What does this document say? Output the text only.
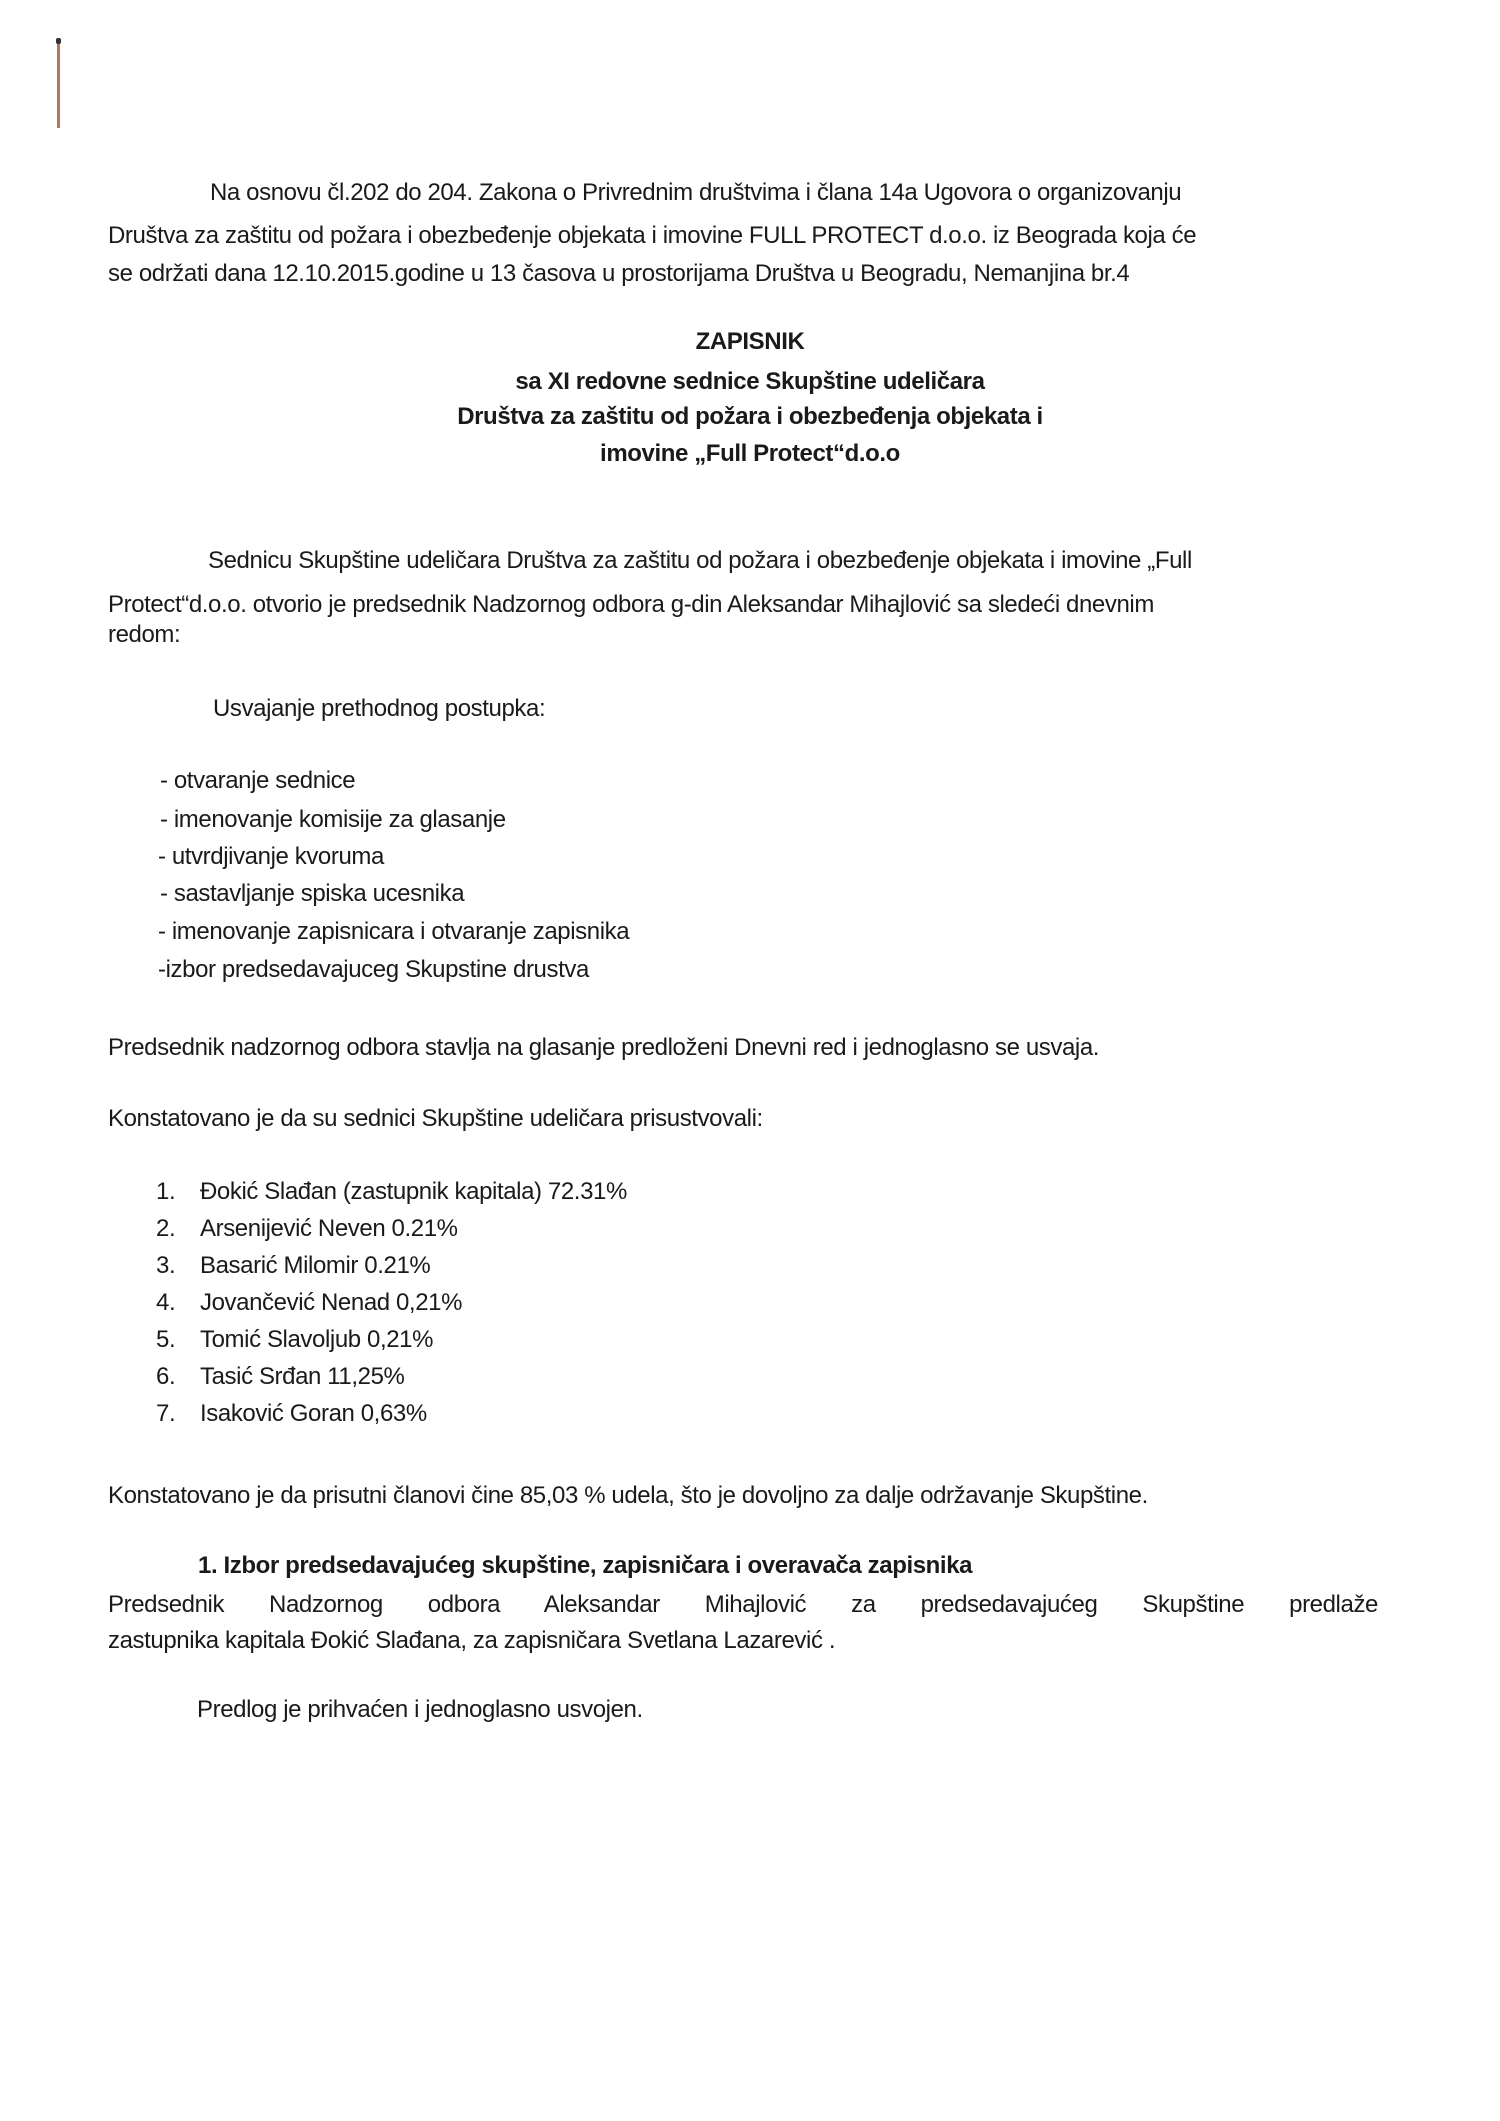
Na osnovu čl.202 do 204. Zakona o Privrednim društvima i člana 14a Ugovora o organizovanju
Društva za zaštitu od požara i obezbeđenje objekata i imovine FULL PROTECT d.o.o. iz Beograda koja će
se održati dana 12.10.2015.godine u 13 časova u prostorijama Društva u Beogradu, Nemanjina br.4
ZAPISNIK
sa XI redovne sednice Skupštine udeličara
Društva za zaštitu od požara i obezbeđenja objekata i
imovine „Full Protect“d.o.o
Sednicu Skupštine udeličara Društva za zaštitu od požara i obezbeđenje objekata i imovine „Full
Protect“d.o.o. otvorio je predsednik Nadzornog odbora g-din Aleksandar Mihajlović sa sledeći dnevnim
redom:
Usvajanje prethodnog postupka:
- otvaranje sednice
- imenovanje komisije za glasanje
- utvrdjivanje kvoruma
- sastavljanje spiska ucesnika
- imenovanje zapisnicara i otvaranje zapisnika
-izbor predsedavajuceg Skupstine drustva
Predsednik nadzornog odbora stavlja na glasanje predloženi Dnevni red i jednoglasno se usvaja.
Konstatovano je da su sednici Skupštine udeličara prisustvovali:
1. Đokić Slađan (zastupnik kapitala) 72.31%
2. Arsenijević Neven 0.21%
3. Basarić Milomir 0.21%
4. Jovančević Nenad 0,21%
5. Tomić Slavoljub 0,21%
6. Tasić Srđan 11,25%
7. Isaković Goran 0,63%
Konstatovano je da prisutni članovi čine 85,03 % udela, što je dovoljno za dalje održavanje Skupštine.
1. Izbor predsedavajućeg skupštine, zapisničara i overavača zapisnika
Predsednik Nadzornog odbora Aleksandar Mihajlović za predsedavajućeg Skupštine predlaže
zastupnika kapitala Đokić Slađana, za zapisničara Svetlana Lazarević .
Predlog je prihvaćen i jednoglasno usvojen.
